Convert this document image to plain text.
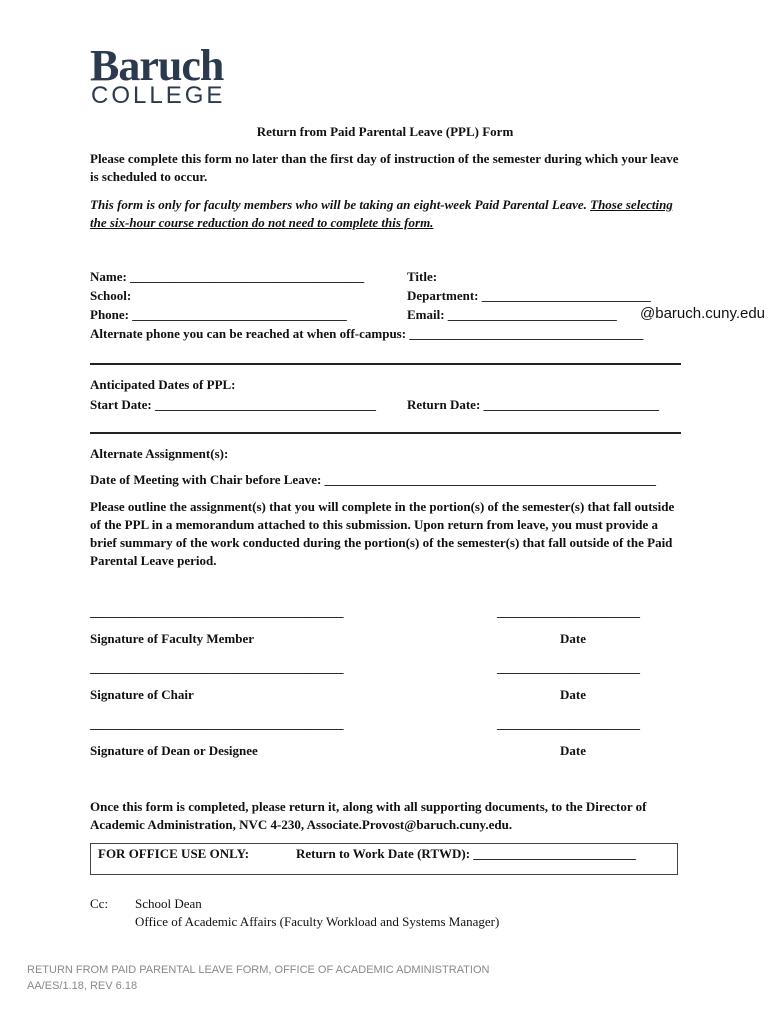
Baruch
COLLEGE
Return from Paid Parental Leave (PPL) Form
Please complete this form no later than the first day of instruction of the semester during which your leave is scheduled to occur.
This form is only for faculty members who will be taking an eight-week Paid Parental Leave. Those selecting the six-hour course reduction do not need to complete this form.
Name: ____________________________________	Title:
School:	Department: __________________________
Phone: _________________________________	Email: __________________________ @baruch.cuny.edu
Alternate phone you can be reached at when off-campus: ____________________________________
Anticipated Dates of PPL:
Start Date: __________________________________ Return Date: ___________________________
Alternate Assignment(s):
Date of Meeting with Chair before Leave: ___________________________________________________
Please outline the assignment(s) that you will complete in the portion(s) of the semester(s) that fall outside of the PPL in a memorandum attached to this submission. Upon return from leave, you must provide a brief summary of the work conducted during the portion(s) of the semester(s) that fall outside of the Paid Parental Leave period.
_______________________________________	______________________
Signature of Faculty Member	Date
_______________________________________	______________________
Signature of Chair	Date
_______________________________________	______________________
Signature of Dean or Designee	Date
Once this form is completed, please return it, along with all supporting documents, to the Director of Academic Administration, NVC 4-230, Associate.Provost@baruch.cuny.edu.
FOR OFFICE USE ONLY:	Return to Work Date (RTWD): _________________________
Cc: School Dean
Office of Academic Affairs (Faculty Workload and Systems Manager)
RETURN FROM PAID PARENTAL LEAVE FORM, OFFICE OF ACADEMIC ADMINISTRATION
AA/ES/1.18, REV 6.18
